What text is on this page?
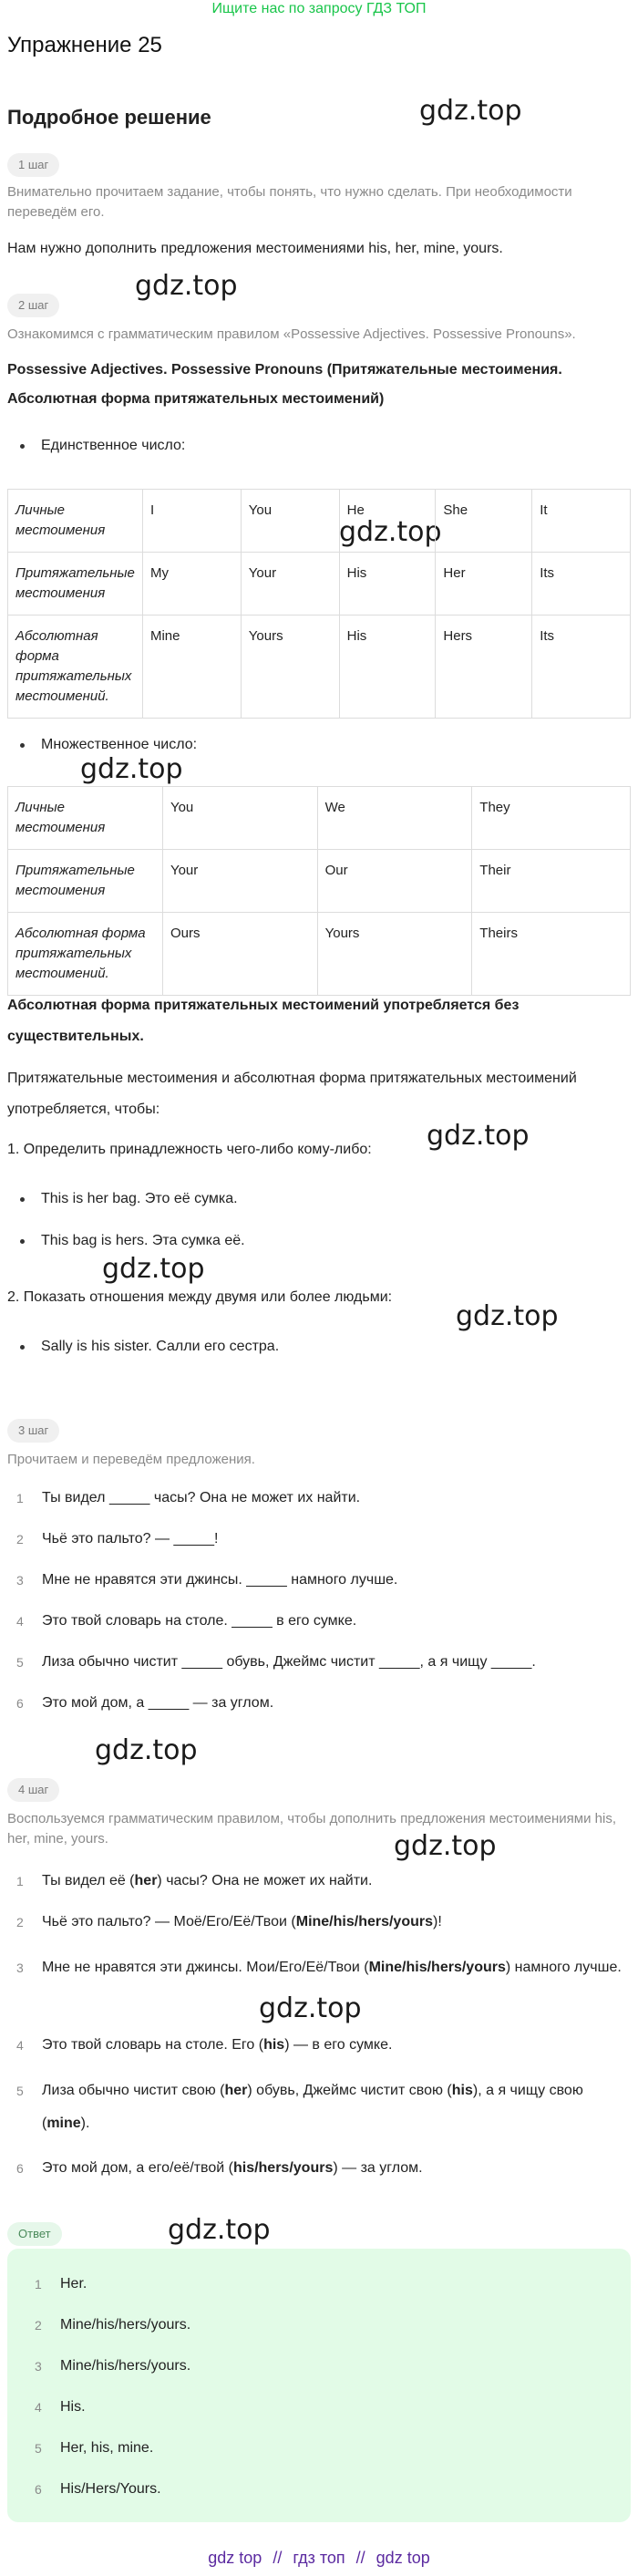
Ищите нас по запросу ГДЗ ТОП
Упражнение 25
Подробное решение	gdz.top
gdz.top
gdz.top
gdz.top
gdz.top
gdz.top
gdz.top
gdz.top
gdz.top
gdz.top
gdz.top
1 шаг
Внимательно прочитаем задание, чтобы понять, что нужно сделать. При необходимости переведём его.
Нам нужно дополнить предложения местоимениями his, her, mine, yours.
2 шаг
Ознакомимся с грамматическим правилом «Possessive Adjectives. Possessive Pronouns».
Possessive Adjectives. Possessive Pronouns (Притяжательные местоимения. Абсолютная форма притяжательных местоимений)
Единственное число:
Личные местоимения	I	You	He	She	It
Притяжательные местоимения	My	Your	His	Her	Its
Абсолютная форма притяжательных местоимений.	Mine	Yours	His	Hers	Its
Множественное число:
Личные местоимения	You	We	They
Притяжательные местоимения	Your	Our	Their
Абсолютная форма притяжательных местоимений.	Ours	Yours	Theirs
Абсолютная форма притяжательных местоимений употребляется без существительных.
Притяжательные местоимения и абсолютная форма притяжательных местоимений употребляется, чтобы:
1. Определить принадлежность чего-либо кому-либо:
This is her bag. Это её сумка.
This bag is hers. Эта сумка её.
2. Показать отношения между двумя или более людьми:
Sally is his sister. Салли его сестра.
3 шаг
Прочитаем и переведём предложения.
1	Ты видел _____ часы? Она не может их найти.
2	Чьё это пальто? — _____!
3	Мне не нравятся эти джинсы. _____ намного лучше.
4	Это твой словарь на столе. _____ в его сумке.
5	Лиза обычно чистит _____ обувь, Джеймс чистит _____, а я чищу _____.
6	Это мой дом, а _____ — за углом.
4 шаг
Воспользуемся грамматическим правилом, чтобы дополнить предложения местоимениями his, her, mine, yours.
1	Ты видел её (her) часы? Она не может их найти.
2	Чьё это пальто? — Моё/Его/Её/Твои (Mine/his/hers/yours)!
3	Мне не нравятся эти джинсы. Мои/Его/Её/Твои (Mine/his/hers/yours) намного лучше.
4	Это твой словарь на столе. Его (his) — в его сумке.
5	Лиза обычно чистит свою (her) обувь, Джеймс чистит свою (his), а я чищу свою (mine).
6	Это мой дом, а его/её/твой (his/hers/yours) — за углом.
Ответ
1	Her.
2	Mine/his/hers/yours.
3	Mine/his/hers/yours.
4	His.
5	Her, his, mine.
6	His/Hers/Yours.
gdz top // гдз топ // gdz top
